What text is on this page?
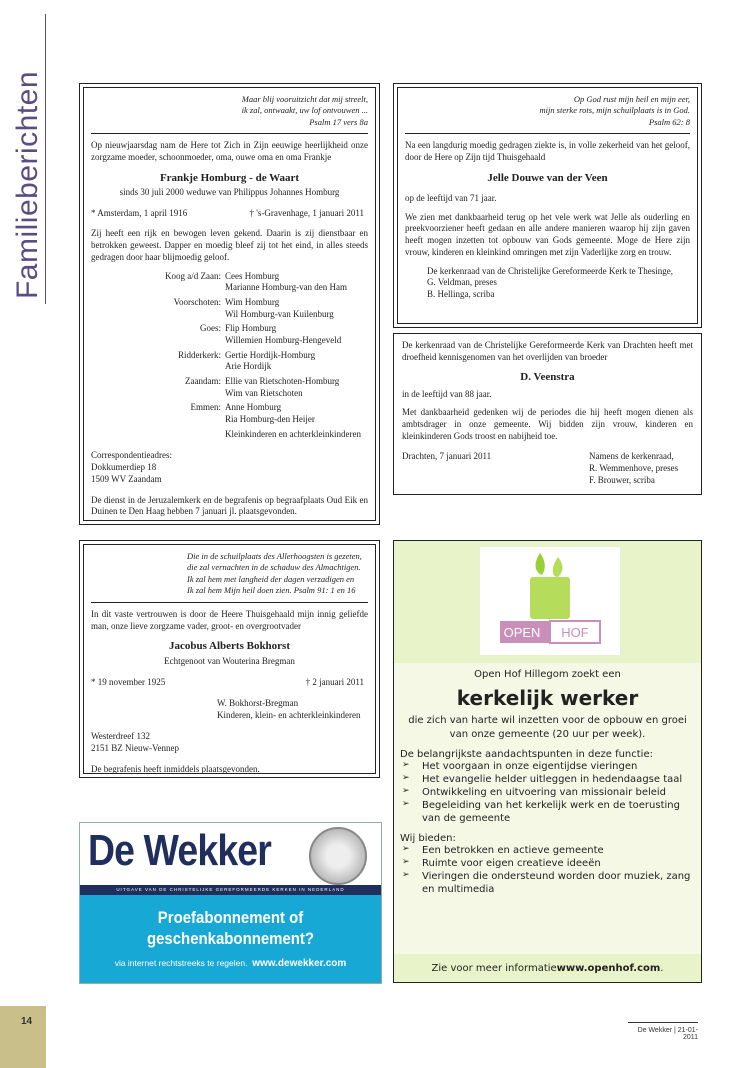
Familieberichten	Maar blij vooruitzicht dat mij streelt,
ik zal, ontwaakt, uw lof ontvouwen ...
Psalm 17 vers 8a

Op nieuwjaarsdag nam de Here tot Zich in Zijn eeuwige heerlijkheid onze zorgzame moeder, schoonmoeder, oma, ouwe oma en oma Frankje

Frankje Homburg - de Waart
sinds 30 juli 2000 weduwe van Philippus Johannes Homburg
* Amsterdam, 1 april 1916	† 's-Gravenhage, 1 januari 2011

Zij heeft een rijk en bewogen leven gekend. Daarin is zij dienstbaar en betrokken geweest. Dapper en moedig bleef zij tot het eind, in alles steeds gedragen door haar blijmoedig geloof.

Koog a/d Zaan: Cees Homburg
Marianne Homburg-van den Ham
Voorschoten: Wim Homburg
Wil Homburg-van Kuilenburg
Goes: Flip Homburg
Willemien Homburg-Hengeveld
Ridderkerk: Gertie Hordijk-Homburg
Arie Hordijk
Zaandam: Ellie van Rietschoten-Homburg
Wim van Rietschoten
Emmen: Anne Homburg
Ria Homburg-den Heijer
Kleinkinderen en achterkleinkinderen
Correspondentieadres:
Dokkumerdiep 18
1509 WV Zaandam

De dienst in de Jeruzalemkerk en de begrafenis op begraafplaats Oud Eik en Duinen te Den Haag hebben 7 januari jl. plaatsgevonden.

Op God rust mijn heil en mijn eer,
mijn sterke rots, mijn schuilplaats is in God.
Psalm 62: 8

Na een langdurig moedig gedragen ziekte is, in volle zekerheid van het geloof, door de Here op Zijn tijd Thuisgehaald

Jelle Douwe van der Veen

op de leeftijd van 71 jaar.

We zien met dankbaarheid terug op het vele werk wat Jelle als ouderling en preekvoorziener heeft gedaan en alle andere manieren waarop hij zijn gaven heeft mogen inzetten tot opbouw van Gods gemeente. Moge de Here zijn vrouw, kinderen en kleinkind omringen met zijn Vaderlijke zorg en trouw.

De kerkenraad van de Christelijke Gereformeerde Kerk te Thesinge,
G. Veldman, preses
B. Hellinga, scriba

De kerkenraad van de Christelijke Gereformeerde Kerk van Drachten heeft met droefheid kennisgenomen van het overlijden van broeder

D. Veenstra

in de leeftijd van 88 jaar.

Met dankbaarheid gedenken wij de periodes die hij heeft mogen dienen als ambtsdrager in onze gemeente. Wij bidden zijn vrouw, kinderen en kleinkinderen Gods troost en nabijheid toe.

Drachten, 7 januari 2011	Namens de kerkenraad,
R. Wemmenhove, preses
F. Brouwer, scriba
Die in de schuilplaats des Allerhoogsten is gezeten,
die zal vernachten in de schaduw des Almachtigen.
Ik zal hem met langheid der dagen verzadigen en
Ik zal hem Mijn heil doen zien. Psalm 91: 1 en 16

In dit vaste vertrouwen is door de Heere Thuisgehaald mijn innig geliefde man, onze lieve zorgzame vader, groot- en overgrootvader

Jacobus Alberts Bokhorst
Echtgenoot van Wouterina Bregman
* 19 november 1925	† 2 januari 2011
W. Bokhorst-Bregman
Kinderen, klein- en achterkleinkinderen
Westerdreef 132
2151 BZ Nieuw-Vennep

De begrafenis heeft inmiddels plaatsgevonden.

De Wekker
UITGAVE VAN DE CHRISTELIJKE GEREFORMEERDE KERKEN IN NEDERLAND
Proefabonnement of
geschenkabonnement?
via internet rechtstreeks te regelen. www.dewekker.com
OPEN HOF
Open Hof Hillegom zoekt een
kerkelijk werker
die zich van harte wil inzetten voor de opbouw en groei van onze gemeente (20 uur per week).
De belangrijkste aandachtspunten in deze functie:
➢ Het voorgaan in onze eigentijdse vieringen
➢ Het evangelie helder uitleggen in hedendaagse taal
➢ Ontwikkeling en uitvoering van missionair beleid
➢ Begeleiding van het kerkelijk werk en de toerusting van de gemeente
Wij bieden:
➢ Een betrokken en actieve gemeente
➢ Ruimte voor eigen creatieve ideeën
➢ Vieringen die ondersteund worden door muziek, zang en multimedia
Zie voor meer informatie www.openhof.com .
14
De Wekker | 21-01-2011
